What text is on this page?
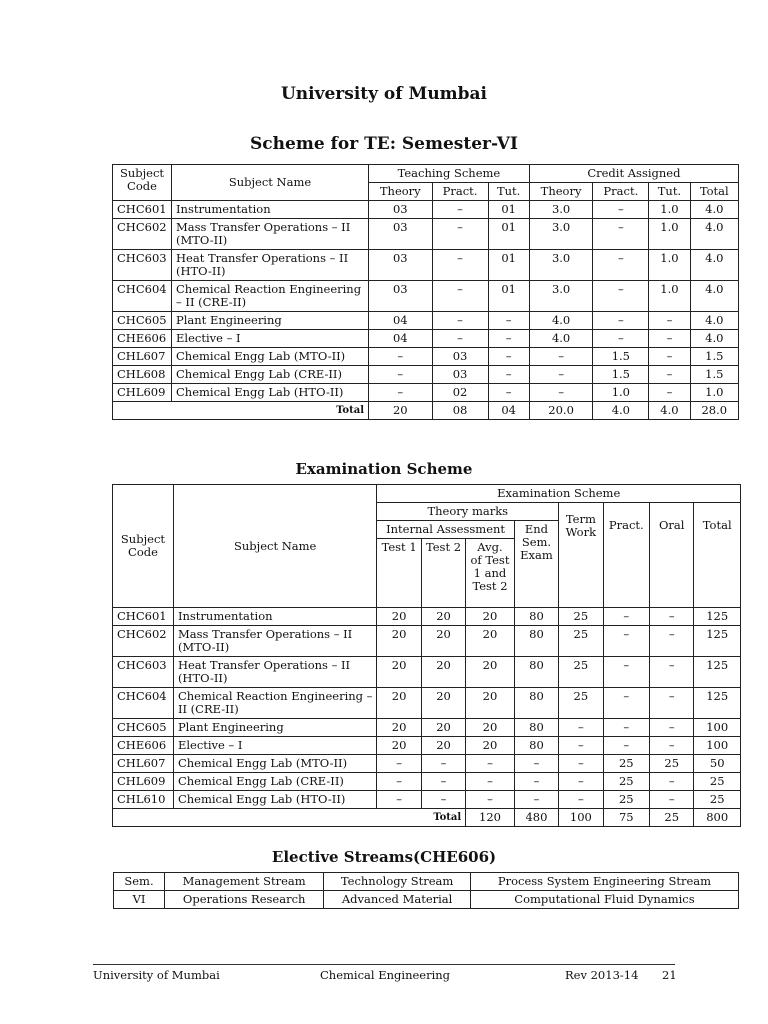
University of Mumbai
Scheme for TE: Semester-VI
Subject Code	Subject Name	Teaching Scheme			Credit Assigned			
		Theory	Pract.	Tut.	Theory	Pract.	Tut.	Total
CHC601	Instrumentation	03	–	01	3.0	–	1.0	4.0
CHC602	Mass Transfer Operations – II (MTO-II)	03	–	01	3.0	–	1.0	4.0
CHC603	Heat Transfer Operations – II (HTO-II)	03	–	01	3.0	–	1.0	4.0
CHC604	Chemical Reaction Engineering – II (CRE-II)	03	–	01	3.0	–	1.0	4.0
CHC605	Plant Engineering	04	–	–	4.0	–	–	4.0
CHE606	Elective – I	04	–	–	4.0	–	–	4.0
CHL607	Chemical Engg Lab (MTO-II)	–	03	–	–	1.5	–	1.5
CHL608	Chemical Engg Lab (CRE-II)	–	03	–	–	1.5	–	1.5
CHL609	Chemical Engg Lab (HTO-II)	–	02	–	–	1.0	–	1.0
Total		20	08	04	20.0	4.0	4.0	28.0
Examination Scheme
Subject Code	Subject Name	Examination Scheme							
		Theory marks				Term Work	Pract.	Oral	Total
		Internal Assessment			End Sem. Exam				
		Test 1	Test 2	Avg. of Test 1 and Test 2					
CHC601	Instrumentation	20	20	20	80	25	–	–	125
CHC602	Mass Transfer Operations – II (MTO-II)	20	20	20	80	25	–	–	125
CHC603	Heat Transfer Operations – II (HTO-II)	20	20	20	80	25	–	–	125
CHC604	Chemical Reaction Engineering – II (CRE-II)	20	20	20	80	25	–	–	125
CHC605	Plant Engineering	20	20	20	80	–	–	–	100
CHE606	Elective – I	20	20	20	80	–	–	–	100
CHL607	Chemical Engg Lab (MTO-II)	–	–	–	–	–	25	25	50
CHL609	Chemical Engg Lab (CRE-II)	–	–	–	–	–	25	–	25
CHL610	Chemical Engg Lab (HTO-II)	–	–	–	–	–	25	–	25
Total				120	480	100	75	25	800
Elective Streams(CHE606)
Sem.	Management Stream	Technology Stream	Process System Engineering Stream
VI	Operations Research	Advanced Material	Computational Fluid Dynamics
University of Mumbai	Chemical Engineering	Rev 2013-14 21
